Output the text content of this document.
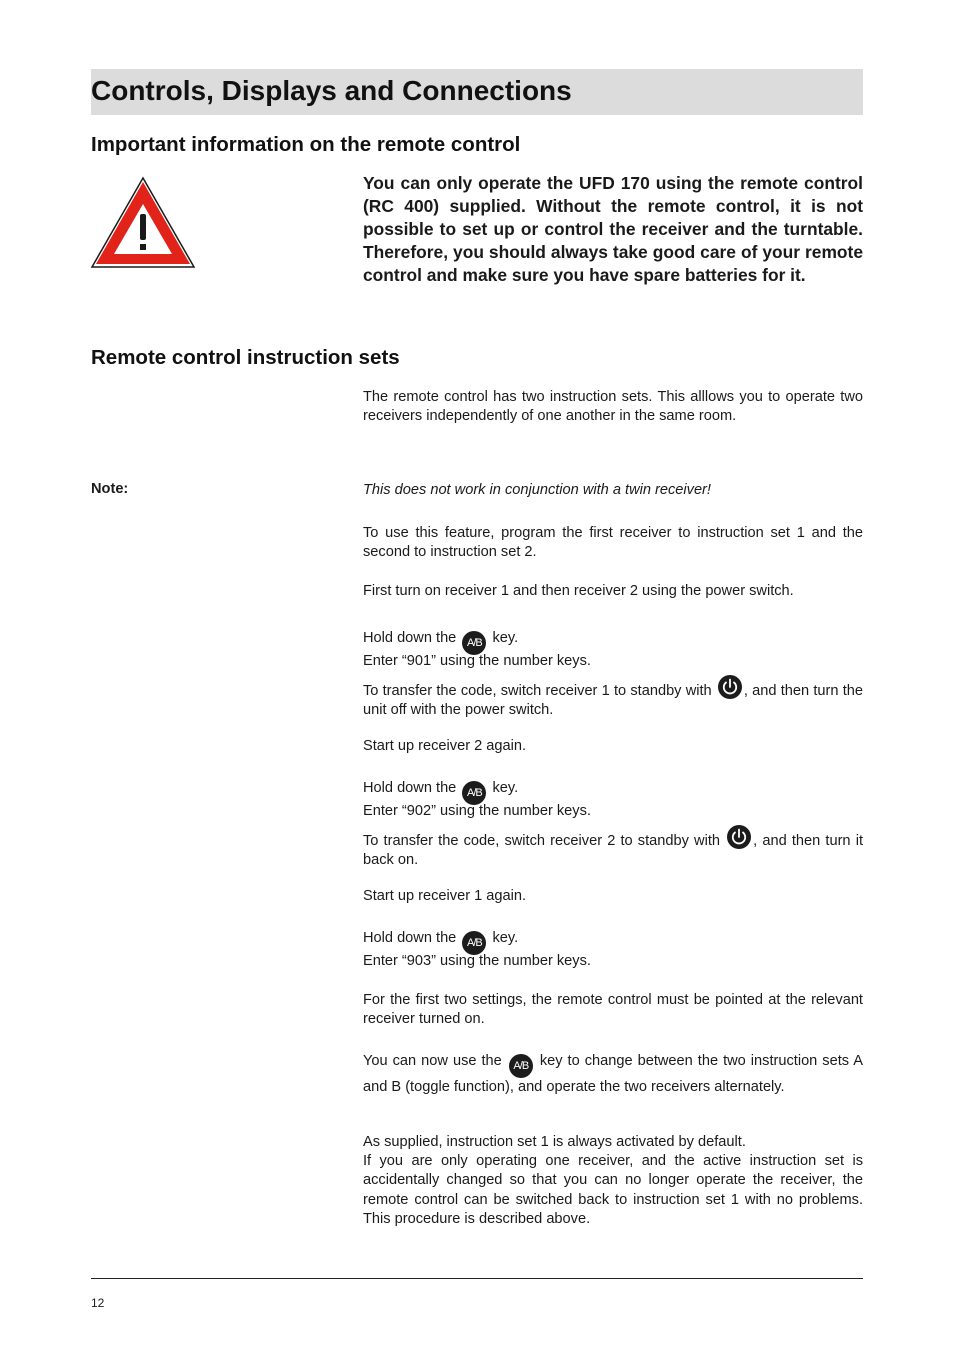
Controls, Displays and Connections
Important information on the remote control

You can only operate the UFD 170 using the remote control (RC 400) supplied. Without the remote control, it is not possible to set up or control the receiver and the turntable. Therefore, you should always take good care of your remote control and make sure you have spare batteries for it.

Remote control instruction sets

The remote control has two instruction sets. This alllows you to operate two receivers independently of one another in the same room.

Note:	This does not work in conjunction with a twin receiver!

To use this feature, program the first receiver to instruction set 1 and the second to instruction set 2.

First turn on receiver 1 and then receiver 2 using the power switch.

Hold down the A/B key.

Enter “901” using the number keys.

To transfer the code, switch receiver 1 to standby with , and then turn the unit off with the power switch.

Start up receiver 2 again.

Hold down the A/B key.

Enter “902” using the number keys.

To transfer the code, switch receiver 2 to standby with , and then turn it back on.

Start up receiver 1 again.

Hold down the A/B key.

Enter “903” using the number keys.

For the first two settings, the remote control must be pointed at the relevant receiver turned on.

You can now use the A/B key to change between the two instruction sets A and B (toggle function), and operate the two receivers alternately.

As supplied, instruction set 1 is always activated by default.

If you are only operating one receiver, and the active instruction set is accidentally changed so that you can no longer operate the receiver, the remote control can be switched back to instruction set 1 with no problems. This procedure is described above.

12
